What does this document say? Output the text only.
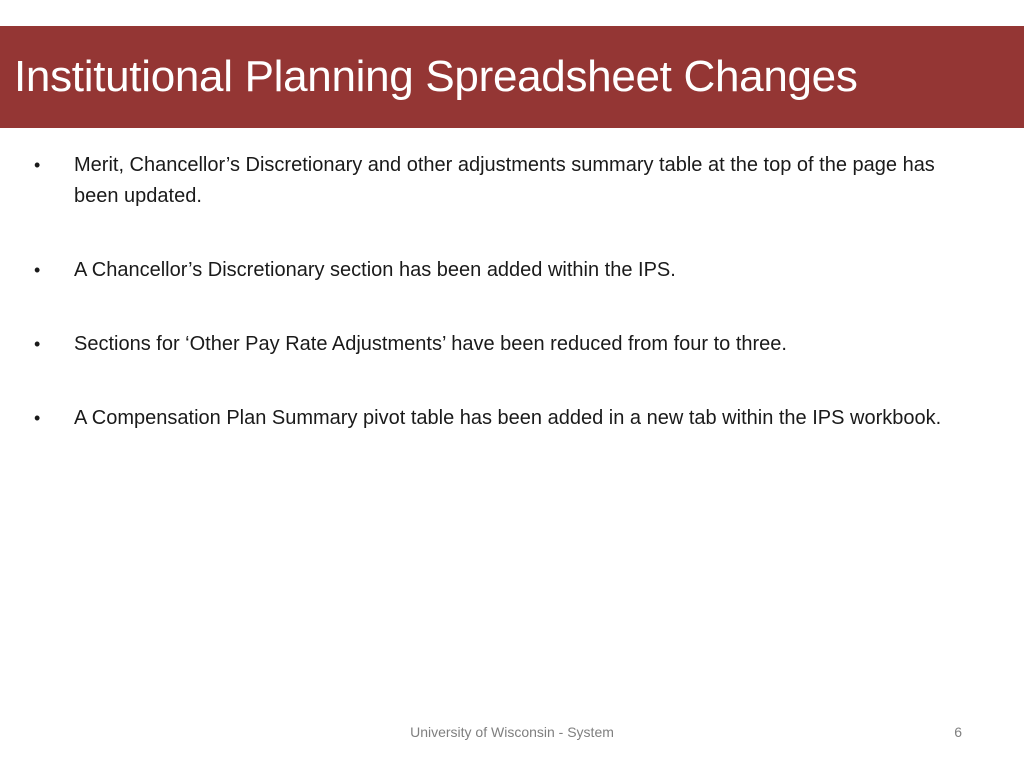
Institutional Planning Spreadsheet Changes
• Merit, Chancellor’s Discretionary and other adjustments summary table at the top of the page has been updated.
• A Chancellor’s Discretionary section has been added within the IPS.
• Sections for ‘Other Pay Rate Adjustments’ have been reduced from four to three.
• A Compensation Plan Summary pivot table has been added in a new tab within the IPS workbook.
University of Wisconsin - System	6
